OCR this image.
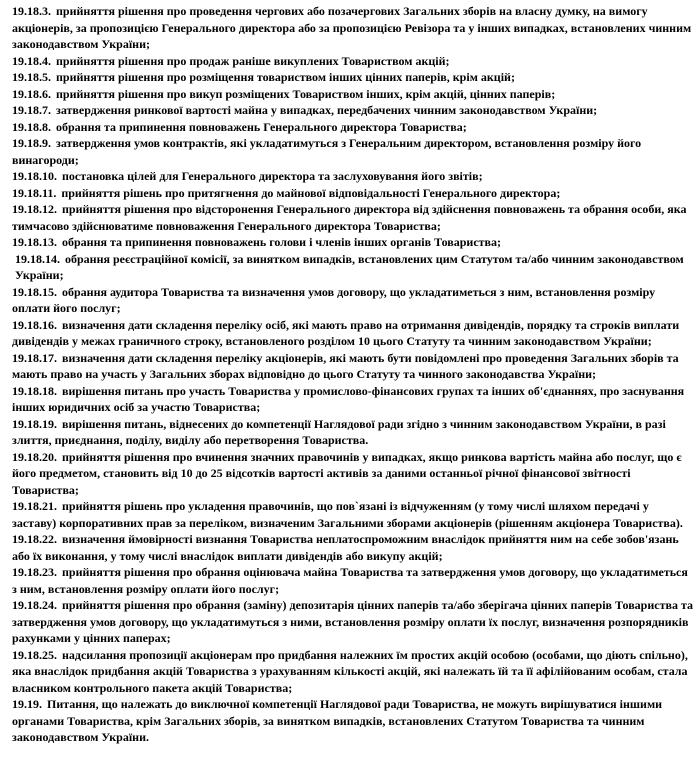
19.18.3. прийняття рішення про проведення чергових або позачергових Загальних зборів на власну думку, на вимогу акціонерів, за пропозицією Генерального директора або за пропозицією Ревізора та у інших випадках, встановлених чинним законодавством України;

19.18.4. прийняття рішення про продаж раніше викуплених Товариством акцій;

19.18.5. прийняття рішення про розміщення товариством інших цінних паперів, крім акцій;

19.18.6. прийняття рішення про викуп розміщених Товариством інших, крім акцій, цінних паперів;

19.18.7. затвердження ринкової вартості майна у випадках, передбачених чинним законодавством України;

19.18.8. обрання та припинення повноважень Генерального директора Товариства;

19.18.9. затвердження умов контрактів, які укладатимуться з Генеральним директором, встановлення розміру його винагороди;

19.18.10. постановка цілей для Генерального директора та заслуховування його звітів;

19.18.11. прийняття рішень про притягнення до майнової відповідальності Генерального директора;

19.18.12. прийняття рішення про відсторонення Генерального директора від здійснення повноважень та обрання особи, яка тимчасово здійснюватиме повноваження Генерального директора Товариства;

19.18.13. обрання та припинення повноважень голови і членів інших органів Товариства;

19.18.14. обрання реєстраційної комісії, за винятком випадків, встановлених цим Статутом та/або чинним законодавством України;

19.18.15. обрання аудитора Товариства та визначення умов договору, що укладатиметься з ним, встановлення розміру оплати його послуг;

19.18.16. визначення дати складення переліку осіб, які мають право на отримання дивідендів, порядку та строків виплати дивідендів у межах граничного строку, встановленого розділом 10 цього Статуту та чинним законодавством України;

19.18.17. визначення дати складення переліку акціонерів, які мають бути повідомлені про проведення Загальних зборів та мають право на участь у Загальних зборах відповідно до цього Статуту та чинного законодавства України;

19.18.18. вирішення питань про участь Товариства у промислово-фінансових групах та інших об'єднаннях, про заснування інших юридичних осіб за участю Товариства;

19.18.19. вирішення питань, віднесених до компетенції Наглядової ради згідно з чинним законодавством України, в разі злиття, приєднання, поділу, виділу або перетворення Товариства.

19.18.20. прийняття рішення про вчинення значних правочинів у випадках, якщо ринкова вартість майна або послуг, що є його предметом, становить від 10 до 25 відсотків вартості активів за даними останньої річної фінансової звітності Товариства;

19.18.21. прийняття рішень про укладення правочинів, що пов`язані із відчуженням (у тому числі шляхом передачі у заставу) корпоративних прав за переліком, визначеним Загальними зборами акціонерів (рішенням акціонера Товариства).

19.18.22. визначення ймовірності визнання Товариства неплатоспроможним внаслідок прийняття ним на себе зобов'язань або їх виконання, у тому числі внаслідок виплати дивідендів або викупу акцій;

19.18.23. прийняття рішення про обрання оцінювача майна Товариства та затвердження умов договору, що укладатиметься з ним, встановлення розміру оплати його послуг;

19.18.24. прийняття рішення про обрання (заміну) депозитарія цінних паперів та/або зберігача цінних паперів Товариства та затвердження умов договору, що укладатимуться з ними, встановлення розміру оплати їх послуг, визначення розпорядників рахунками у цінних паперах;

19.18.25. надсилання пропозиції акціонерам про придбання належних їм простих акцій особою (особами, що діють спільно), яка внаслідок придбання акцій Товариства з урахуванням кількості акцій, які належать їй та її афілійованим особам, стала власником контрольного пакета акцій Товариства;

19.19. Питання, що належать до виключної компетенції Наглядової ради Товариства, не можуть вирішуватися іншими органами Товариства, крім Загальних зборів, за винятком випадків, встановлених Статутом Товариства та чинним законодавством України.
